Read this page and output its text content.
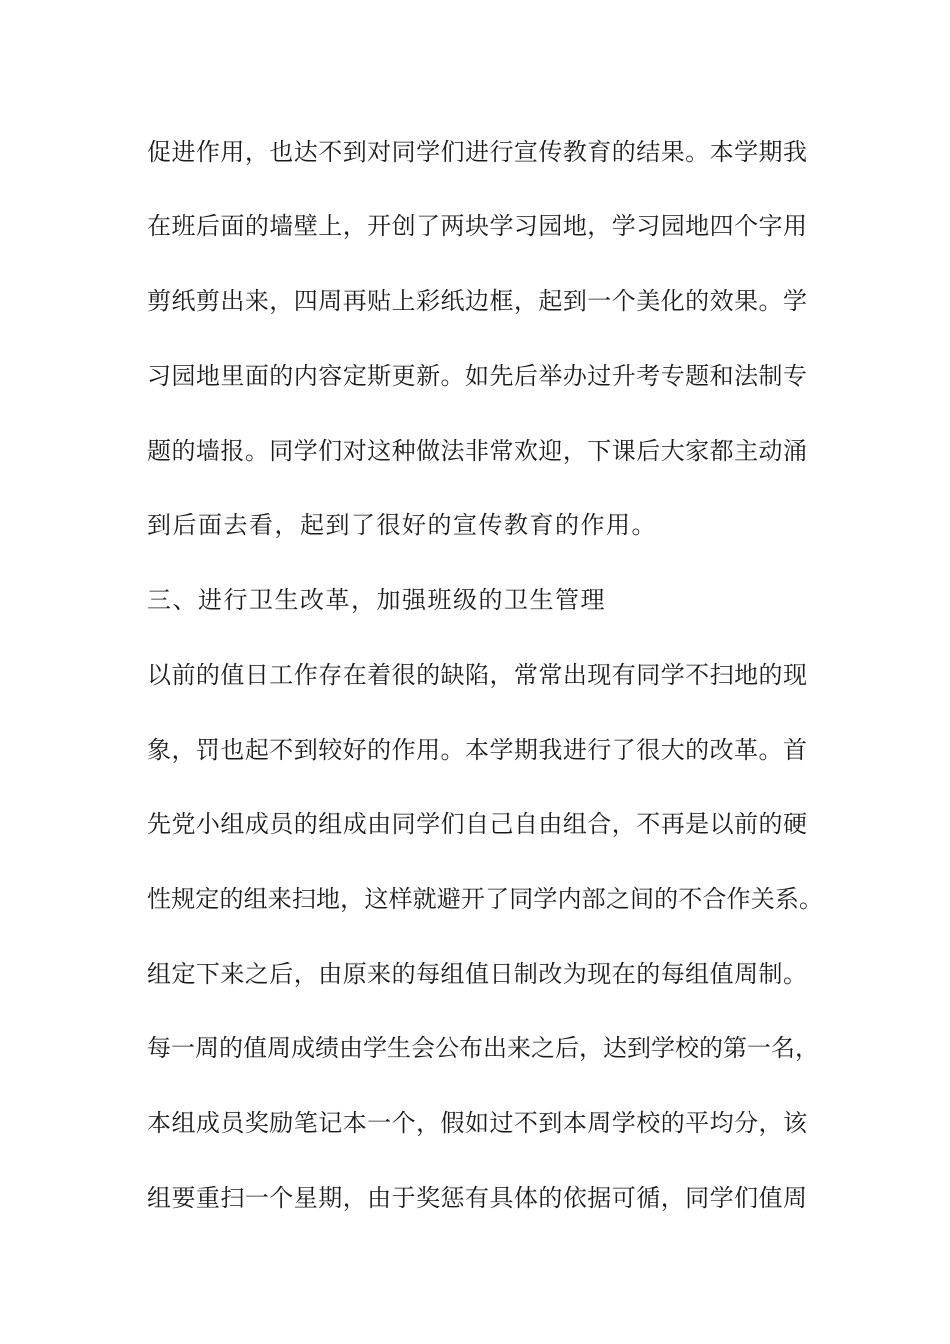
促进作用，也达不到对同学们进行宣传教育的结果。本学期我
在班后面的墙壁上，开创了两块学习园地，学习园地四个字用
剪纸剪出来，四周再贴上彩纸边框，起到一个美化的效果。学
习园地里面的内容定斯更新。如先后举办过升考专题和法制专
题的墙报。同学们对这种做法非常欢迎，下课后大家都主动涌
到后面去看，起到了很好的宣传教育的作用。
三、进行卫生改革，加强班级的卫生管理
以前的值日工作存在着很的缺陷，常常出现有同学不扫地的现
象，罚也起不到较好的作用。本学期我进行了很大的改革。首
先党小组成员的组成由同学们自己自由组合，不再是以前的硬
性规定的组来扫地，这样就避开了同学内部之间的不合作关系。
组定下来之后，由原来的每组值日制改为现在的每组值周制。
每一周的值周成绩由学生会公布出来之后，达到学校的第一名，
本组成员奖励笔记本一个，假如过不到本周学校的平均分，该
组要重扫一个星期，由于奖惩有具体的依据可循，同学们值周
